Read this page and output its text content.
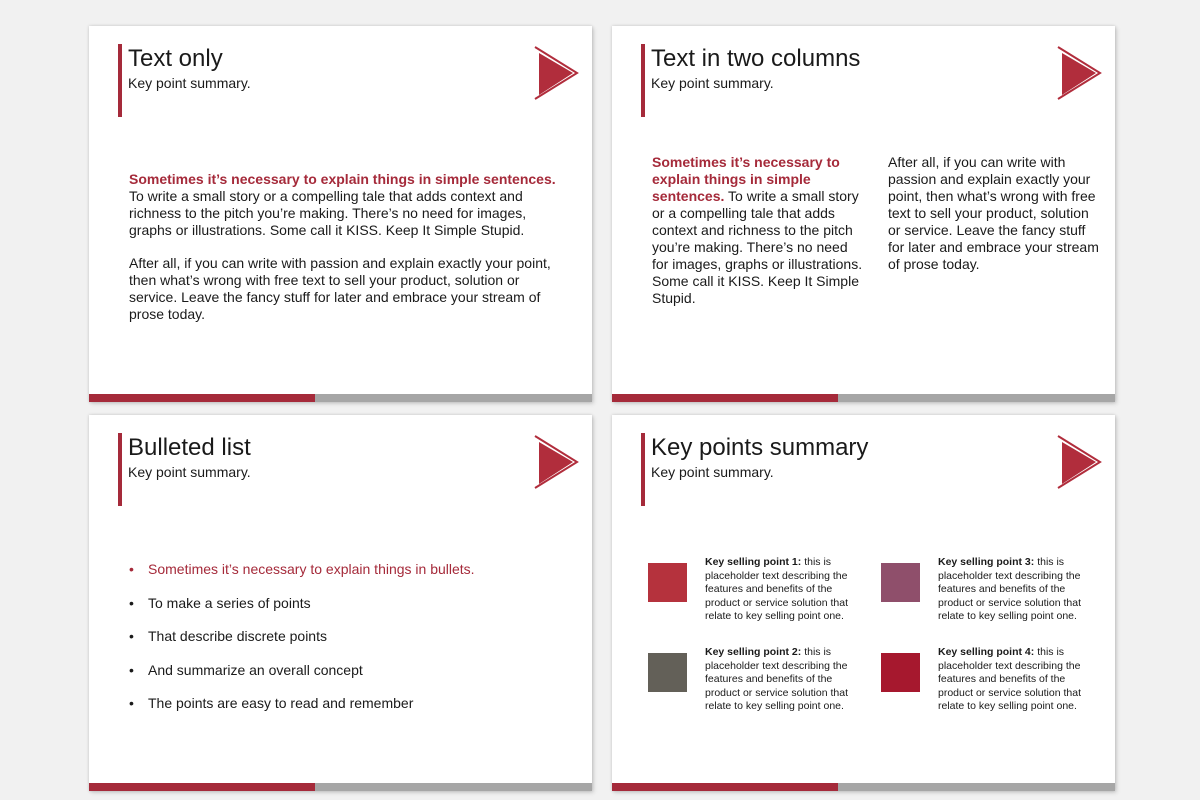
Text only
Key point summary.

Sometimes it’s necessary to explain things in simple sentences. To write a small story or a compelling tale that adds context and richness to the pitch you’re making. There’s no need for images, graphs or illustrations. Some call it KISS. Keep It Simple Stupid.

After all, if you can write with passion and explain exactly your point, then what’s wrong with free text to sell your product, solution or service. Leave the fancy stuff for later and embrace your stream of prose today.

Text in two columns
Key point summary.

Sometimes it’s necessary to explain things in simple sentences. To write a small story or a compelling tale that adds context and richness to the pitch you’re making. There’s no need for images, graphs or illustrations. Some call it KISS. Keep It Simple Stupid.

After all, if you can write with passion and explain exactly your point, then what’s wrong with free text to sell your product, solution or service. Leave the fancy stuff for later and embrace your stream of prose today.

Bulleted list
Key point summary.
• Sometimes it’s necessary to explain things in bullets.
• To make a series of points
• That describe discrete points
• And summarize an overall concept
• The points are easy to read and remember
Key points summary
Key point summary.
Key selling point 1: this is placeholder text describing the features and benefits of the product or service solution that relate to key selling point one.
Key selling point 2: this is placeholder text describing the features and benefits of the product or service solution that relate to key selling point one.
Key selling point 3: this is placeholder text describing the features and benefits of the product or service solution that relate to key selling point one.
Key selling point 4: this is placeholder text describing the features and benefits of the product or service solution that relate to key selling point one.
